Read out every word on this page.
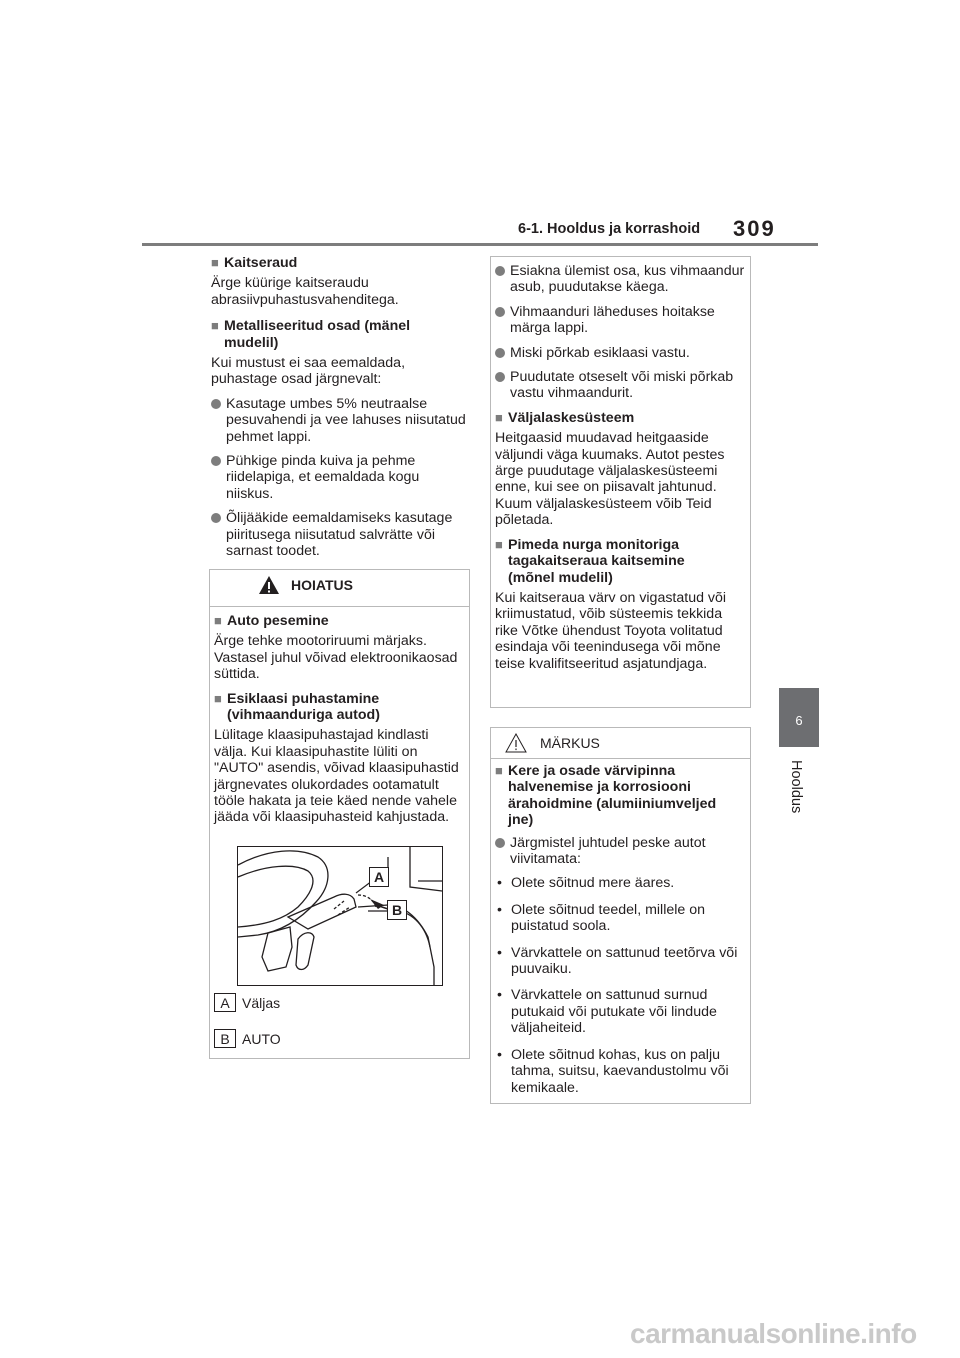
6-1. Hooldus ja korrashoid 309
6
Hooldus
■ Kaitseraud

Ärge küürige kaitseraudu abrasiivpuhastusvahenditega.

■ Metalliseeritud osad (mänel
mudelil)

Kui mustust ei saa eemaldada, puhastage osad järgnevalt:

Kasutage umbes 5% neutraalse pesuvahendi ja vee lahuses niisutatud pehmet lappi.
Pühkige pinda kuiva ja pehme riidelapiga, et eemaldada kogu niiskus.
Õlijääkide eemaldamiseks kasutage piiritusega niisutatud salvrätte või sarnast toodet.
HOIATUS
■ Auto pesemine

Ärge tehke mootoriruumi märjaks. Vastasel juhul võivad elektroonikaosad süttida.

■ Esiklaasi puhastamine
(vihmaanduriga autod)

Lülitage klaasipuhastajad kindlasti välja. Kui klaasipuhastite lüliti on "AUTO" asendis, võivad klaasipuhastid järgnevates olukordades ootamatult tööle hakata ja teie käed nende vahele jääda või klaasipuhasteid kahjustada.

A
B
A Väljas
B AUTO
Esiakna ülemist osa, kus vihmaandur asub, puudutakse käega.
Vihmaanduri läheduses hoitakse märga lappi.
Miski põrkab esiklaasi vastu.
Puudutate otseselt või miski põrkab vastu vihmaandurit.
■ Väljalaskesüsteem

Heitgaasid muudavad heitgaaside väljundi väga kuumaks. Autot pestes ärge puudutage väljalaskesüsteemi enne, kui see on piisavalt jahtunud. Kuum väljalaskesüsteem võib Teid põletada.

■ Pimeda nurga monitoriga
tagakaitseraua kaitsemine
(mõnel mudelil)

Kui kaitseraua värv on vigastatud või kriimustatud, võib süsteemis tekkida rike Võtke ühendust Toyota volitatud esindaja või teenindusega või mõne teise kvalifitseeritud asjatundjaga.

MÄRKUS
■ Kere ja osade värvipinna
halvenemise ja korrosiooni
ärahoidmine (alumiiniumveljed
jne)
Järgmistel juhtudel peske autot viivitamata:
• Olete sõitnud mere äares.
• Olete sõitnud teedel, millele on puistatud soola.
• Värvkattele on sattunud teetõrva või puuvaiku.
• Värvkattele on sattunud surnud putukaid või putukate või lindude väljaheiteid.
• Olete sõitnud kohas, kus on palju tahma, suitsu, kaevandustolmu või kemikaale.
carmanualsonline.info
